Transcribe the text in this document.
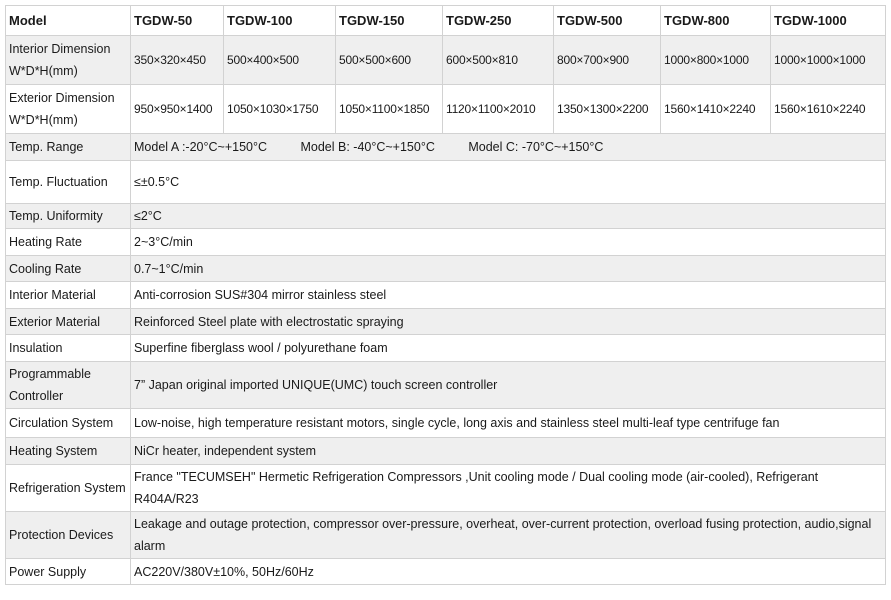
Model	TGDW-50	TGDW-100	TGDW-150	TGDW-250	TGDW-500	TGDW-800	TGDW-1000
Interior Dimension W*D*H(mm)	350×320×450	500×400×500	500×500×600	600×500×810	800×700×900	1000×800×1000	1000×1000×1000
Exterior Dimension W*D*H(mm)	950×950×1400	1050×1030×1750	1050×1100×1850	1120×1100×2010	1350×1300×2200	1560×1410×2240	1560×1610×2240
Temp. Range	Model A :-20°C~+150°C Model B: -40°C~+150°C Model C: -70°C~+150°C						
Temp. Fluctuation	≤±0.5°C						
Temp. Uniformity	≤2°C						
Heating Rate	2~3°C/min						
Cooling Rate	0.7~1°C/min						
Interior Material	Anti-corrosion SUS#304 mirror stainless steel						
Exterior Material	Reinforced Steel plate with electrostatic spraying						
Insulation	Superfine fiberglass wool / polyurethane foam						
Programmable Controller	7” Japan original imported UNIQUE(UMC) touch screen controller						
Circulation System	Low-noise, high temperature resistant motors, single cycle, long axis and stainless steel multi-leaf type centrifuge fan						
Heating System	NiCr heater, independent system						
Refrigeration System	France "TECUMSEH" Hermetic Refrigeration Compressors ,Unit cooling mode / Dual cooling mode (air-cooled), Refrigerant R404A/R23						
Protection Devices	Leakage and outage protection, compressor over-pressure, overheat, over-current protection, overload fusing protection, audio,signal alarm						
Power Supply	AC220V/380V±10%, 50Hz/60Hz						
